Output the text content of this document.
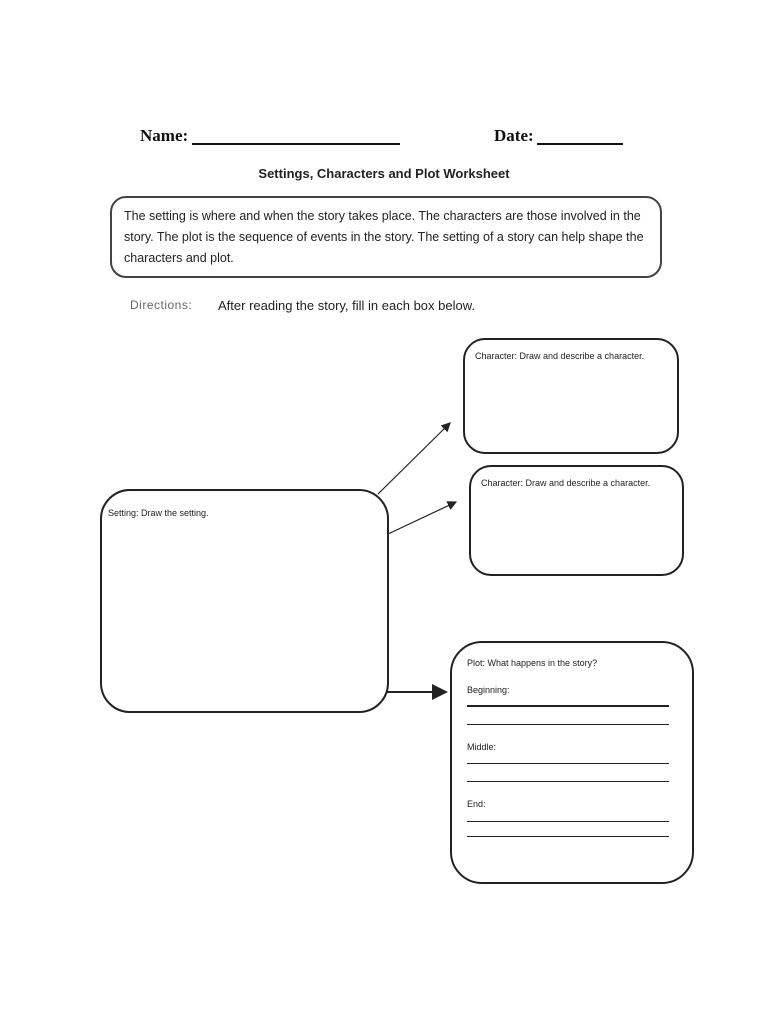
Name:	Date:
Settings, Characters and Plot Worksheet
The setting is where and when the story takes place. The characters are those involved in the story. The plot is the sequence of events in the story. The setting of a story can help shape the characters and plot.
Directions: After reading the story, fill in each box below.
Character: Draw and describe a character.
Character: Draw and describe a character.
Setting: Draw the setting.
Plot: What happens in the story?
Beginning:
Middle:
End:
